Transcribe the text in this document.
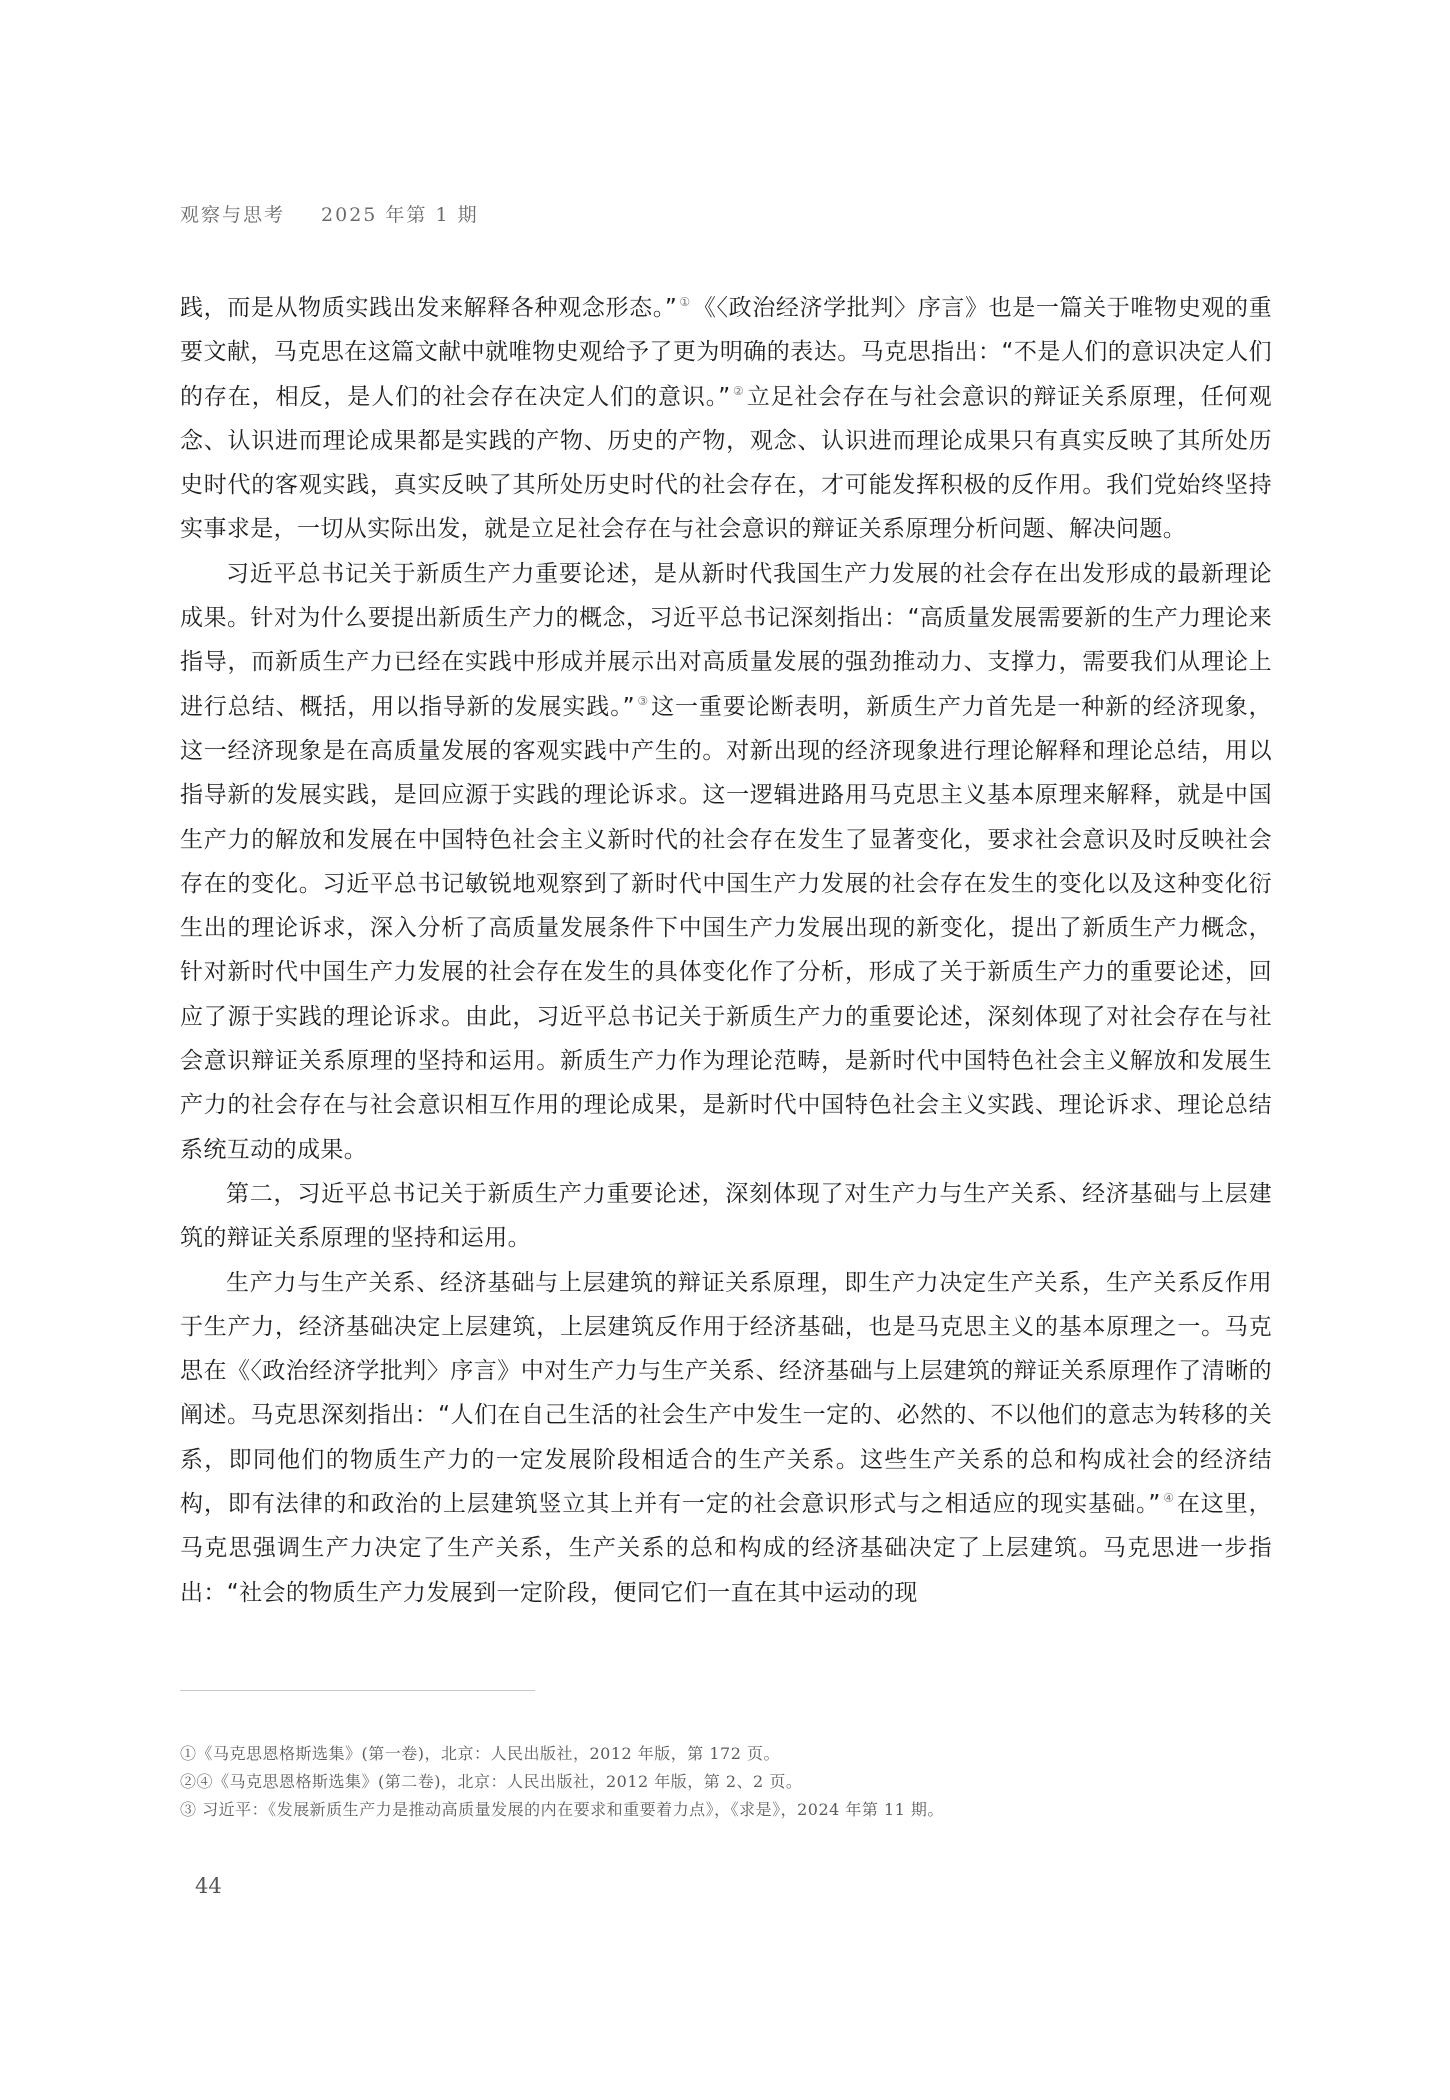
观察与思考 2025 年第 1 期

践，而是从物质实践出发来解释各种观念形态。” ①《〈政治经济学批判〉序言》也是一篇关于唯物史观的重要文献，马克思在这篇文献中就唯物史观给予了更为明确的表达。马克思指出：“不是人们的意识决定人们的存在，相反，是人们的社会存在决定人们的意识。” ②立足社会存在与社会意识的辩证关系原理，任何观念、认识进而理论成果都是实践的产物、历史的产物，观念、认识进而理论成果只有真实反映了其所处历史时代的客观实践，真实反映了其所处历史时代的社会存在，才可能发挥积极的反作用。我们党始终坚持实事求是，一切从实际出发，就是立足社会存在与社会意识的辩证关系原理分析问题、解决问题。

习近平总书记关于新质生产力重要论述，是从新时代我国生产力发展的社会存在出发形成的最新理论成果。针对为什么要提出新质生产力的概念，习近平总书记深刻指出：“高质量发展需要新的生产力理论来指导，而新质生产力已经在实践中形成并展示出对高质量发展的强劲推动力、支撑力，需要我们从理论上进行总结、概括，用以指导新的发展实践。” ③这一重要论断表明，新质生产力首先是一种新的经济现象，这一经济现象是在高质量发展的客观实践中产生的。对新出现的经济现象进行理论解释和理论总结，用以指导新的发展实践，是回应源于实践的理论诉求。这一逻辑进路用马克思主义基本原理来解释，就是中国生产力的解放和发展在中国特色社会主义新时代的社会存在发生了显著变化，要求社会意识及时反映社会存在的变化。习近平总书记敏锐地观察到了新时代中国生产力发展的社会存在发生的变化以及这种变化衍生出的理论诉求，深入分析了高质量发展条件下中国生产力发展出现的新变化，提出了新质生产力概念，针对新时代中国生产力发展的社会存在发生的具体变化作了分析，形成了关于新质生产力的重要论述，回应了源于实践的理论诉求。由此，习近平总书记关于新质生产力的重要论述，深刻体现了对社会存在与社会意识辩证关系原理的坚持和运用。新质生产力作为理论范畴，是新时代中国特色社会主义解放和发展生产力的社会存在与社会意识相互作用的理论成果，是新时代中国特色社会主义实践、理论诉求、理论总结系统互动的成果。

第二，习近平总书记关于新质生产力重要论述，深刻体现了对生产力与生产关系、经济基础与上层建筑的辩证关系原理的坚持和运用。

生产力与生产关系、经济基础与上层建筑的辩证关系原理，即生产力决定生产关系，生产关系反作用于生产力，经济基础决定上层建筑，上层建筑反作用于经济基础，也是马克思主义的基本原理之一。马克思在《〈政治经济学批判〉序言》中对生产力与生产关系、经济基础与上层建筑的辩证关系原理作了清晰的阐述。马克思深刻指出：“人们在自己生活的社会生产中发生一定的、必然的、不以他们的意志为转移的关系，即同他们的物质生产力的一定发展阶段相适合的生产关系。这些生产关系的总和构成社会的经济结构，即有法律的和政治的上层建筑竖立其上并有一定的社会意识形式与之相适应的现实基础。” ④在这里，马克思强调生产力决定了生产关系，生产关系的总和构成的经济基础决定了上层建筑。马克思进一步指出：“社会的物质生产力发展到一定阶段，便同它们一直在其中运动的现

①《马克思恩格斯选集》(第一卷)，北京：人民出版社，2012 年版，第 172 页。
②④《马克思恩格斯选集》(第二卷)，北京：人民出版社，2012 年版，第 2、2 页。
③ 习近平：《发展新质生产力是推动高质量发展的内在要求和重要着力点》，《求是》，2024 年第 11 期。
44
